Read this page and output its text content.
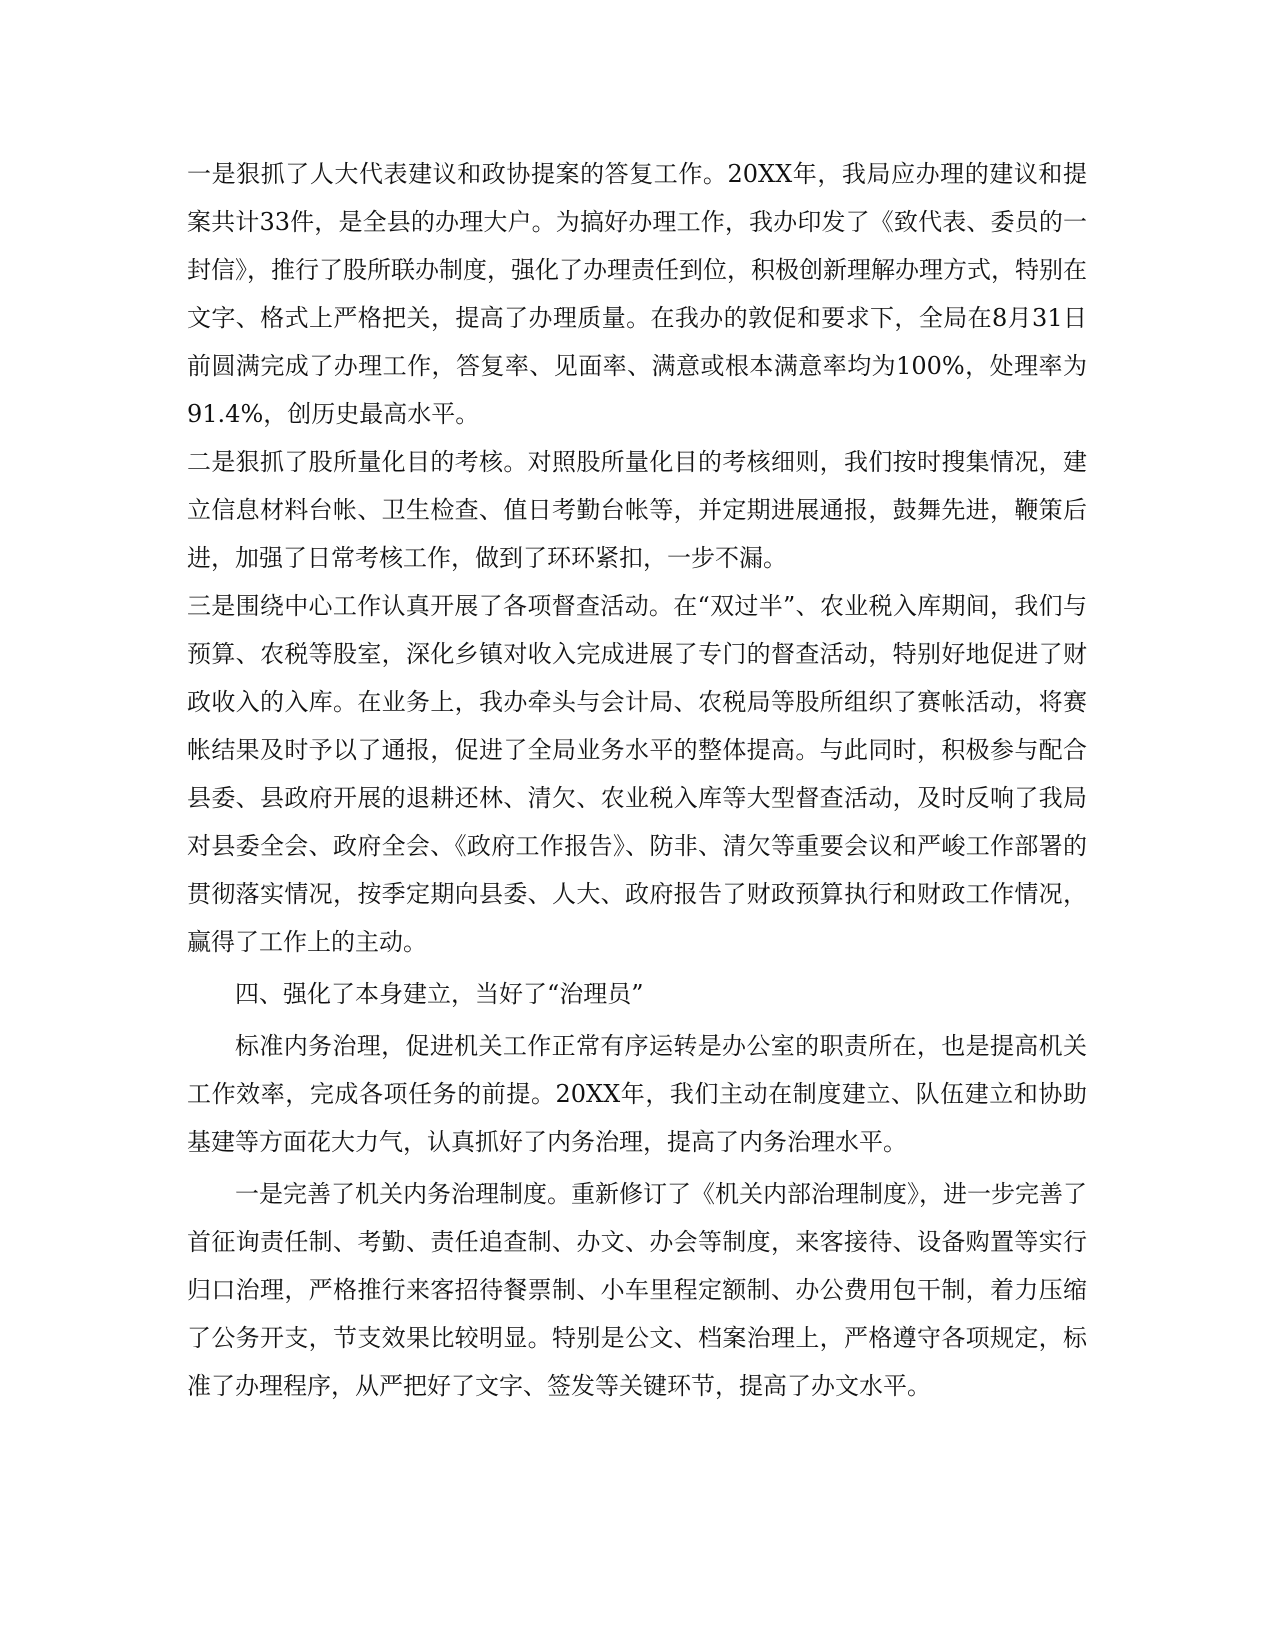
一是狠抓了人大代表建议和政协提案的答复工作。20XX年，我局应办理的建议和提案共计33件，是全县的办理大户。为搞好办理工作，我办印发了《致代表、委员的一封信》，推行了股所联办制度，强化了办理责任到位，积极创新理解办理方式，特别在文字、格式上严格把关，提高了办理质量。在我办的敦促和要求下，全局在8月31日前圆满完成了办理工作，答复率、见面率、满意或根本满意率均为100%，处理率为91.4%，创历史最高水平。

二是狠抓了股所量化目的考核。对照股所量化目的考核细则，我们按时搜集情况，建立信息材料台帐、卫生检查、值日考勤台帐等，并定期进展通报，鼓舞先进，鞭策后进，加强了日常考核工作，做到了环环紧扣，一步不漏。

三是围绕中心工作认真开展了各项督查活动。在“双过半”、农业税入库期间，我们与预算、农税等股室，深化乡镇对收入完成进展了专门的督查活动，特别好地促进了财政收入的入库。在业务上，我办牵头与会计局、农税局等股所组织了赛帐活动，将赛帐结果及时予以了通报，促进了全局业务水平的整体提高。与此同时，积极参与配合县委、县政府开展的退耕还林、清欠、农业税入库等大型督查活动，及时反响了我局对县委全会、政府全会、《政府工作报告》、防非、清欠等重要会议和严峻工作部署的贯彻落实情况，按季定期向县委、人大、政府报告了财政预算执行和财政工作情况，赢得了工作上的主动。

四、强化了本身建立，当好了“治理员”

标准内务治理，促进机关工作正常有序运转是办公室的职责所在，也是提高机关工作效率，完成各项任务的前提。20XX年，我们主动在制度建立、队伍建立和协助基建等方面花大力气，认真抓好了内务治理，提高了内务治理水平。

一是完善了机关内务治理制度。重新修订了《机关内部治理制度》，进一步完善了首征询责任制、考勤、责任追查制、办文、办会等制度，来客接待、设备购置等实行归口治理，严格推行来客招待餐票制、小车里程定额制、办公费用包干制，着力压缩了公务开支，节支效果比较明显。特别是公文、档案治理上，严格遵守各项规定，标准了办理程序，从严把好了文字、签发等关键环节，提高了办文水平。
